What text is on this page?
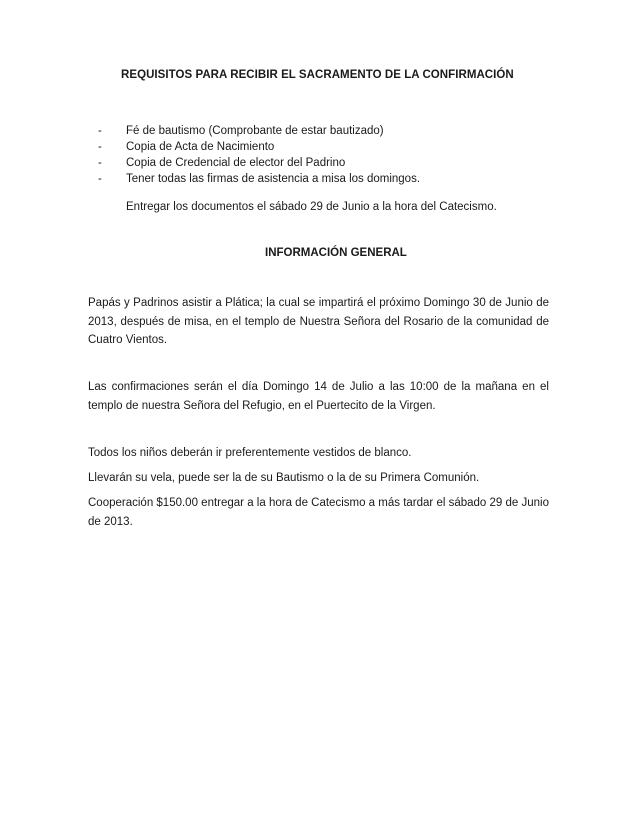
REQUISITOS PARA RECIBIR EL SACRAMENTO DE LA CONFIRMACIÓN
- Fé de bautismo (Comprobante de estar bautizado)
- Copia de Acta de Nacimiento
- Copia de Credencial de elector del Padrino
- Tener todas las firmas de asistencia a misa los domingos.
Entregar los documentos el sábado 29 de Junio a la hora del Catecismo.
INFORMACIÓN GENERAL

Papás y Padrinos asistir a Plática; la cual se impartirá el próximo Domingo 30 de Junio de 2013, después de misa, en el templo de Nuestra Señora del Rosario de la comunidad de Cuatro Vientos.

Las confirmaciones serán el día Domingo 14 de Julio a las 10:00 de la mañana en el templo de nuestra Señora del Refugio, en el Puertecito de la Virgen.

Todos los niños deberán ir preferentemente vestidos de blanco.

Llevarán su vela, puede ser la de su Bautismo o la de su Primera Comunión.

Cooperación $150.00 entregar a la hora de Catecismo a más tardar el sábado 29 de Junio de 2013.
